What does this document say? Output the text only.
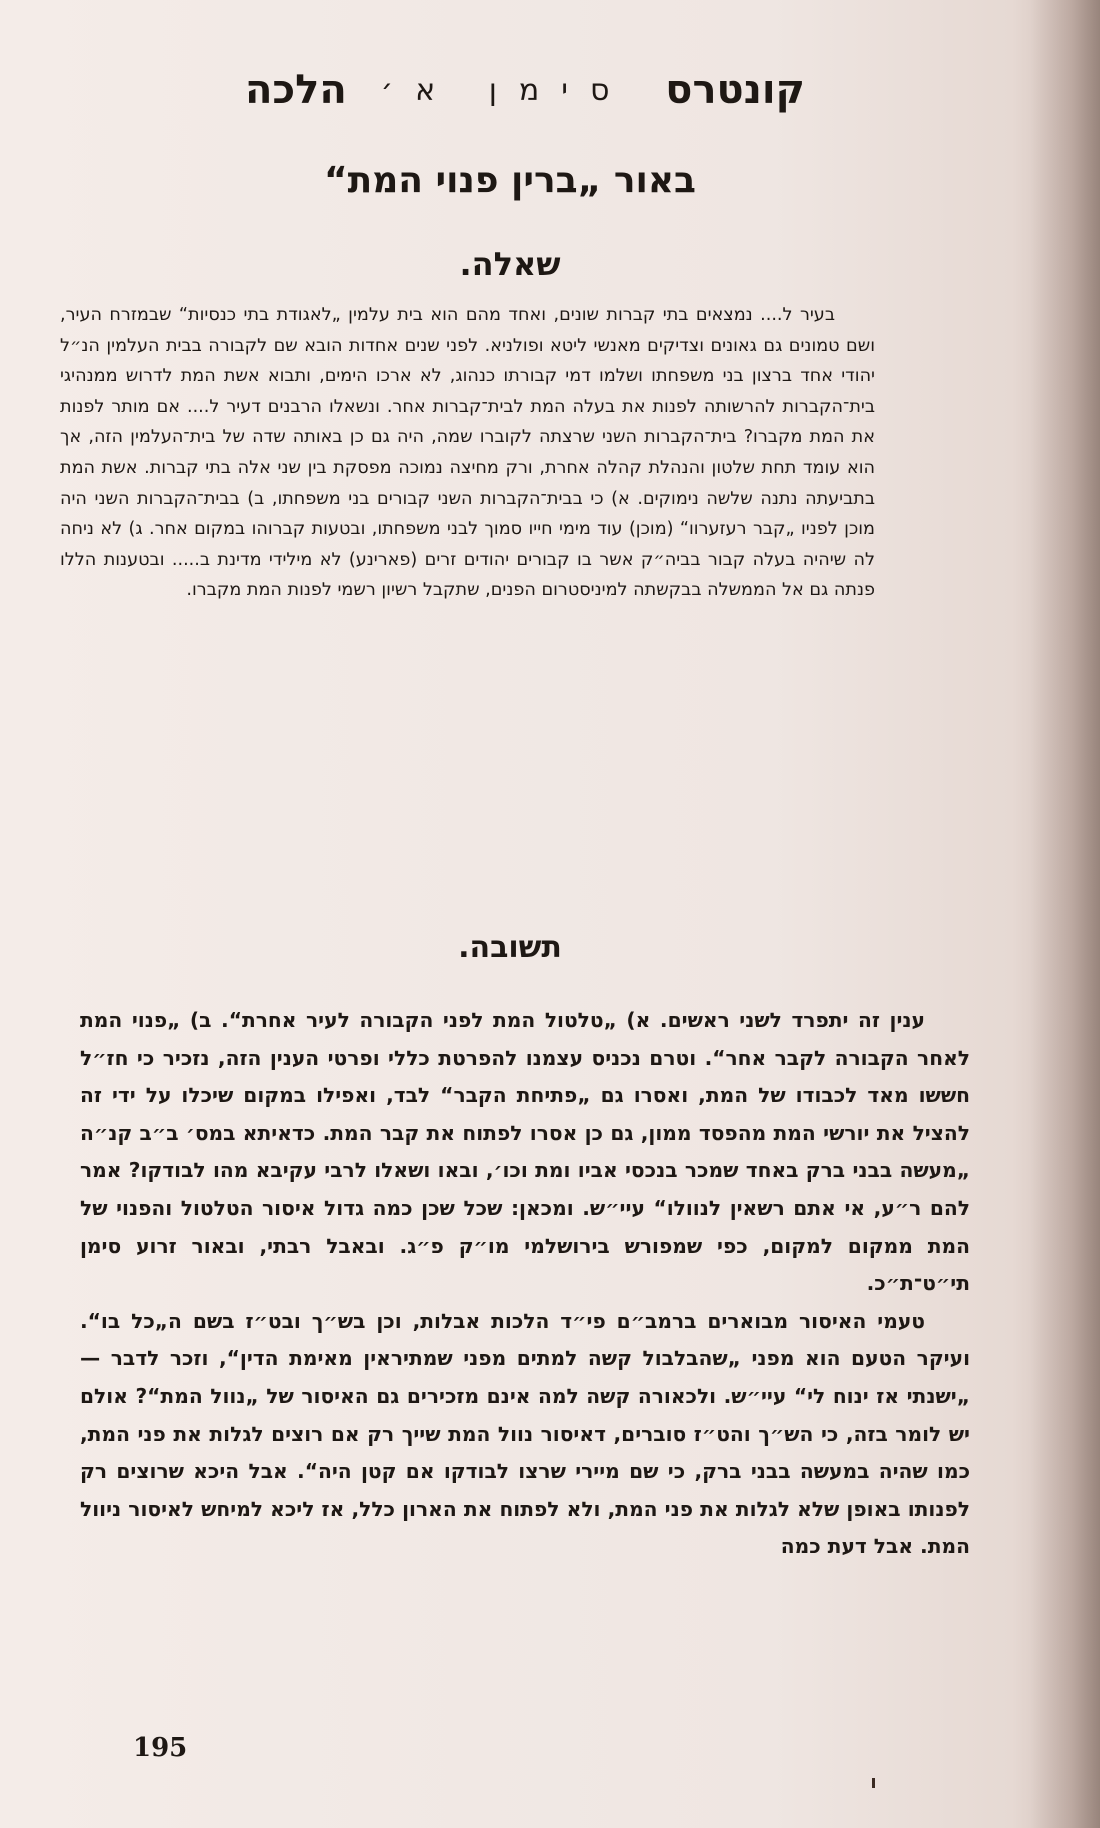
קונטרס
סימן א׳
הלכה
באור „ברין פנוי המת“
שאלה.

בעיר ל.... נמצאים בתי קברות שונים, ואחד מהם הוא בית עלמין „לאגודת בתי כנסיות“ שבמזרח העיר, ושם טמונים גם גאונים וצדיקים מאנשי ליטא ופולניא. לפני שנים אחדות הובא שם לקבורה בבית העלמין הנ״ל יהודי אחד ברצון בני משפחתו ושלמו דמי קבורתו כנהוג, לא ארכו הימים, ותבוא אשת המת לדרוש ממנהיגי בית־הקברות להרשותה לפנות את בעלה המת לבית־קברות אחר. ונשאלו הרבנים דעיר ל.... אם מותר לפנות את המת מקברו? בית־הקברות השני שרצתה לקוברו שמה, היה גם כן באותה שדה של בית־העלמין הזה, אך הוא עומד תחת שלטון והנהלת קהלה אחרת, ורק מחיצה נמוכה מפסקת בין שני אלה בתי קברות. אשת המת בתביעתה נתנה שלשה נימוקים. א) כי בבית־הקברות השני קבורים בני משפחתו, ב) בבית־הקברות השני היה מוכן לפניו „קבר רעזערוו“ (מוכן) עוד מימי חייו סמוך לבני משפחתו, ובטעות קברוהו במקום אחר. ג) לא ניחה לה שיהיה בעלה קבור בביה״ק אשר בו קבורים יהודים זרים (פארינע) לא מילידי מדינת ב..... ובטענות הללו פנתה גם אל הממשלה בבקשתה למיניסטרום הפנים, שתקבל רשיון רשמי לפנות המת מקברו.

תשובה.

ענין זה יתפרד לשני ראשים. א) „טלטול המת לפני הקבורה לעיר אחרת“. ב) „פנוי המת לאחר הקבורה לקבר אחר“. וטרם נכניס עצמנו להפרטת כללי ופרטי הענין הזה, נזכיר כי חז״ל חששו מאד לכבודו של המת, ואסרו גם „פתיחת הקבר“ לבד, ואפילו במקום שיכלו על ידי זה להציל את יורשי המת מהפסד ממון, גם כן אסרו לפתוח את קבר המת. כדאיתא במס׳ ב״ב קנ״ה „מעשה בבני ברק באחד שמכר בנכסי אביו ומת וכו׳, ובאו ושאלו לרבי עקיבא מהו לבודקו? אמר להם ר״ע, אי אתם רשאין לנוולו“ עיי״ש. ומכאן: שכל שכן כמה גדול איסור הטלטול והפנוי של המת ממקום למקום, כפי שמפורש בירושלמי מו״ק פ״ג. ובאבל רבתי, ובאור זרוע סימן תי״ט־ת״כ.

טעמי האיסור מבוארים ברמב״ם פי״ד הלכות אבלות, וכן בש״ך ובט״ז בשם ה„כל בו“. ועיקר הטעם הוא מפני „שהבלבול קשה למתים מפני שמתיראין מאימת הדין“, וזכר לדבר — „ישנתי אז ינוח לי“ עיי״ש. ולכאורה קשה למה אינם מזכירים גם האיסור של „נוול המת“? אולם יש לומר בזה, כי הש״ך והט״ז סוברים, דאיסור נוול המת שייך רק אם רוצים לגלות את פני המת, כמו שהיה במעשה בבני ברק, כי שם מיירי שרצו לבודקו אם קטן היה“. אבל היכא שרוצים רק לפנותו באופן שלא לגלות את פני המת, ולא לפתוח את הארון כלל, אז ליכא למיחש לאיסור ניוול המת. אבל דעת כמה

195
